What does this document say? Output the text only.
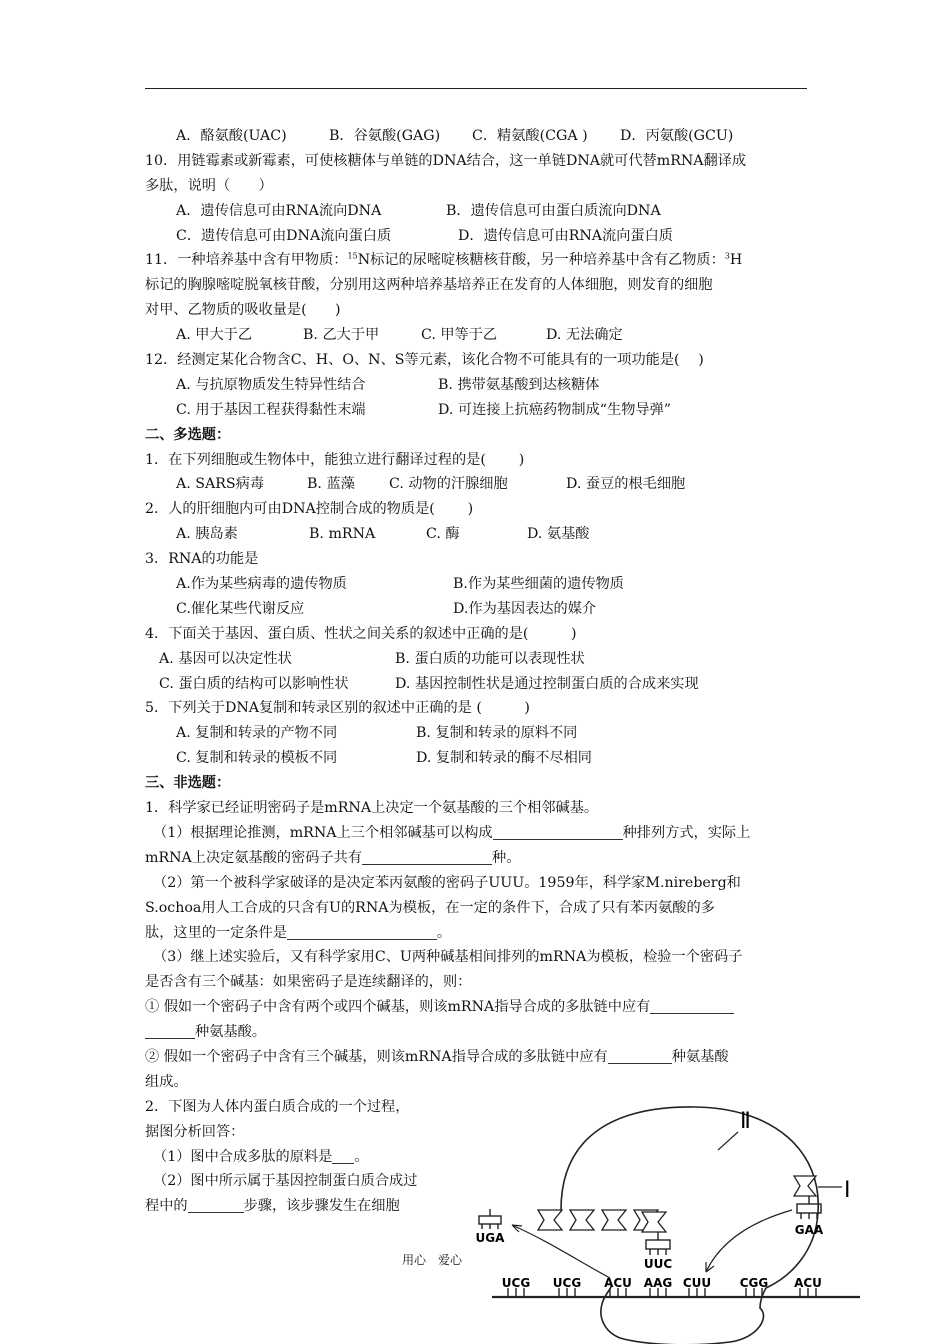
A．酪氨酸(UAC)	B．谷氨酸(GAG) C．精氨酸(CGA ) D．丙氨酸(GCU)
10．用链霉素或新霉素，可使核糖体与单链的DNA结合，这一单链DNA就可代替mRNA翻译成
多肽，说明（　　）
A．遗传信息可由RNA流向DNA	B．遗传信息可由蛋白质流向DNA
C．遗传信息可由DNA流向蛋白质	D．遗传信息可由RNA流向蛋白质
11．一种培养基中含有甲物质：$^{15}$N标记的尿嘧啶核糖核苷酸，另一种培养基中含有乙物质：$^3$H
标记的胸腺嘧啶脱氧核苷酸，分别用这两种培养基培养正在发育的人体细胞，则发育的细胞
对甲、乙物质的吸收量是(　　)
A. 甲大于乙	B. 乙大于甲	C. 甲等于乙	D. 无法确定
12．经测定某化合物含C、H、O、N、S等元素，该化合物不可能具有的一项功能是(　 )
A. 与抗原物质发生特异性结合	B. 携带氨基酸到达核糖体
C. 用于基因工程获得黏性末端	D. 可连接上抗癌药物制成“生物导弹”
二、多选题：
1．在下列细胞或生物体中，能独立进行翻译过程的是(　　 )
A. SARS病毒	B. 蓝藻 C. 动物的汗腺细胞	D. 蚕豆的根毛细胞
2．人的肝细胞内可由DNA控制合成的物质是(　　 )
A. 胰岛素	B. mRNA	C. 酶	D. 氨基酸
3．RNA的功能是
A.作为某些病毒的遗传物质	B.作为某些细菌的遗传物质
C.催化某些代谢反应	D.作为基因表达的媒介
4．下面关于基因、蛋白质、性状之间关系的叙述中正确的是(　　　)
A. 基因可以决定性状	B. 蛋白质的功能可以表现性状
C. 蛋白质的结构可以影响性状	D. 基因控制性状是通过控制蛋白质的合成来实现
5．下列关于DNA复制和转录区别的叙述中正确的是 (　　　)
A. 复制和转录的产物不同	B. 复制和转录的原料不同
C. 复制和转录的模板不同	D. 复制和转录的酶不尽相同
三、非选题：
1．科学家已经证明密码子是mRNA上决定一个氨基酸的三个相邻碱基。
（1）根据理论推测，mRNA上三个相邻碱基可以构成	种排列方式，实际上
mRNA上决定氨基酸的密码子共有	种。
（2）第一个被科学家破译的是决定苯丙氨酸的密码子UUU。1959年，科学家M.nireberg和
S.ochoa用人工合成的只含有U的RNA为模板，在一定的条件下，合成了只有苯丙氨酸的多
肽，这里的一定条件是	。
（3）继上述实验后，又有科学家用C、U两种碱基相间排列的mRNA为模板，检验一个密码子
是否含有三个碱基：如果密码子是连续翻译的，则：
① 假如一个密码子中含有两个或四个碱基，则该mRNA指导合成的多肽链中应有
种氨基酸。
② 假如一个密码子中含有三个碱基，则该mRNA指导合成的多肽链中应有	种氨基酸
组成。
2．下图为人体内蛋白质合成的一个过程，
据图分析回答：
（1）图中合成多肽的原料是 。
（2）图中所示属于基因控制蛋白质合成过
程中的	步骤，该步骤发生在细胞
用心　爱心
UCG UCG ACU AAG CUU CGG ACU
UGA
UUC
GAA
Ⅱ
Ⅰ
